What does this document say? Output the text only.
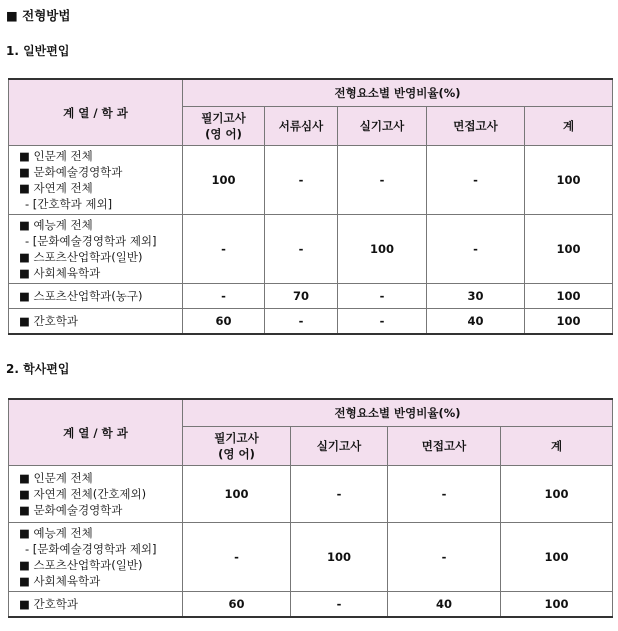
■ 전형방법
1. 일반편입
계 열 / 학 과	전형요소별 반영비율(%)				

	필기고사
(영 어)	서류심사	실기고사	면접고사	계

■ 인문계 전체
■ 문화예술경영학과
■ 자연계 전체
- [간호학과 제외]	100	-	-	-	100

■ 예능계 전체
- [문화예술경영학과 제외]
■ 스포츠산업학과(일반)
■ 사회체육학과	-	-	100	-	100

■ 스포츠산업학과(농구)	-	70	-	30	100

■ 간호학과	60	-	-	40	100
2. 학사편입
계 열 / 학 과	전형요소별 반영비율(%)			

	필기고사
(영 어)	실기고사	면접고사	계

■ 인문계 전체
■ 자연계 전체(간호제외)
■ 문화예술경영학과	100	-	-	100

■ 예능계 전체
- [문화예술경영학과 제외]
■ 스포츠산업학과(일반)
■ 사회체육학과	-	100	-	100

■ 간호학과	60	-	40	100
